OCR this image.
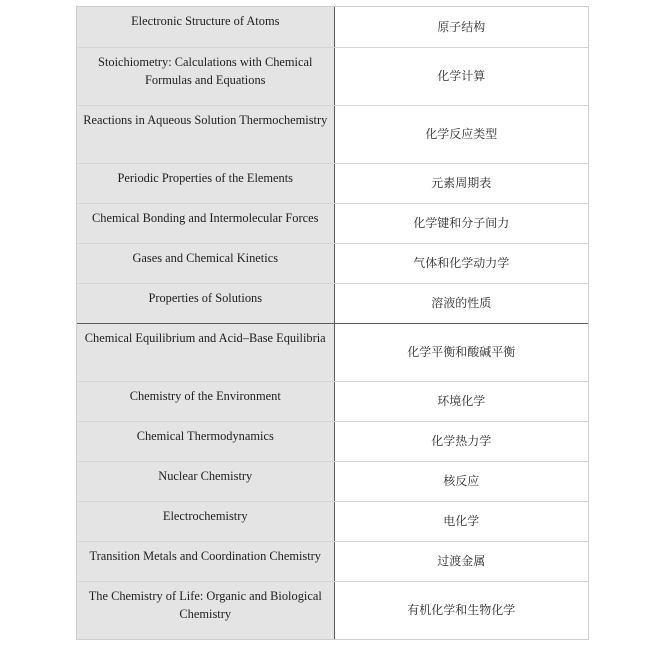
Electronic Structure of Atoms	原子结构
Stoichiometry: Calculations with Chemical Formulas and Equations	化学计算
Reactions in Aqueous Solution Thermochemistry	化学反应类型
Periodic Properties of the Elements	元素周期表
Chemical Bonding and Intermolecular Forces	化学键和分子间力
Gases and Chemical Kinetics	气体和化学动力学
Properties of Solutions	溶液的性质
Chemical Equilibrium and Acid–Base Equilibria	化学平衡和酸碱平衡
Chemistry of the Environment	环境化学
Chemical Thermodynamics	化学热力学
Nuclear Chemistry	核反应
Electrochemistry	电化学
Transition Metals and Coordination Chemistry	过渡金属
The Chemistry of Life: Organic and Biological Chemistry	有机化学和生物化学
